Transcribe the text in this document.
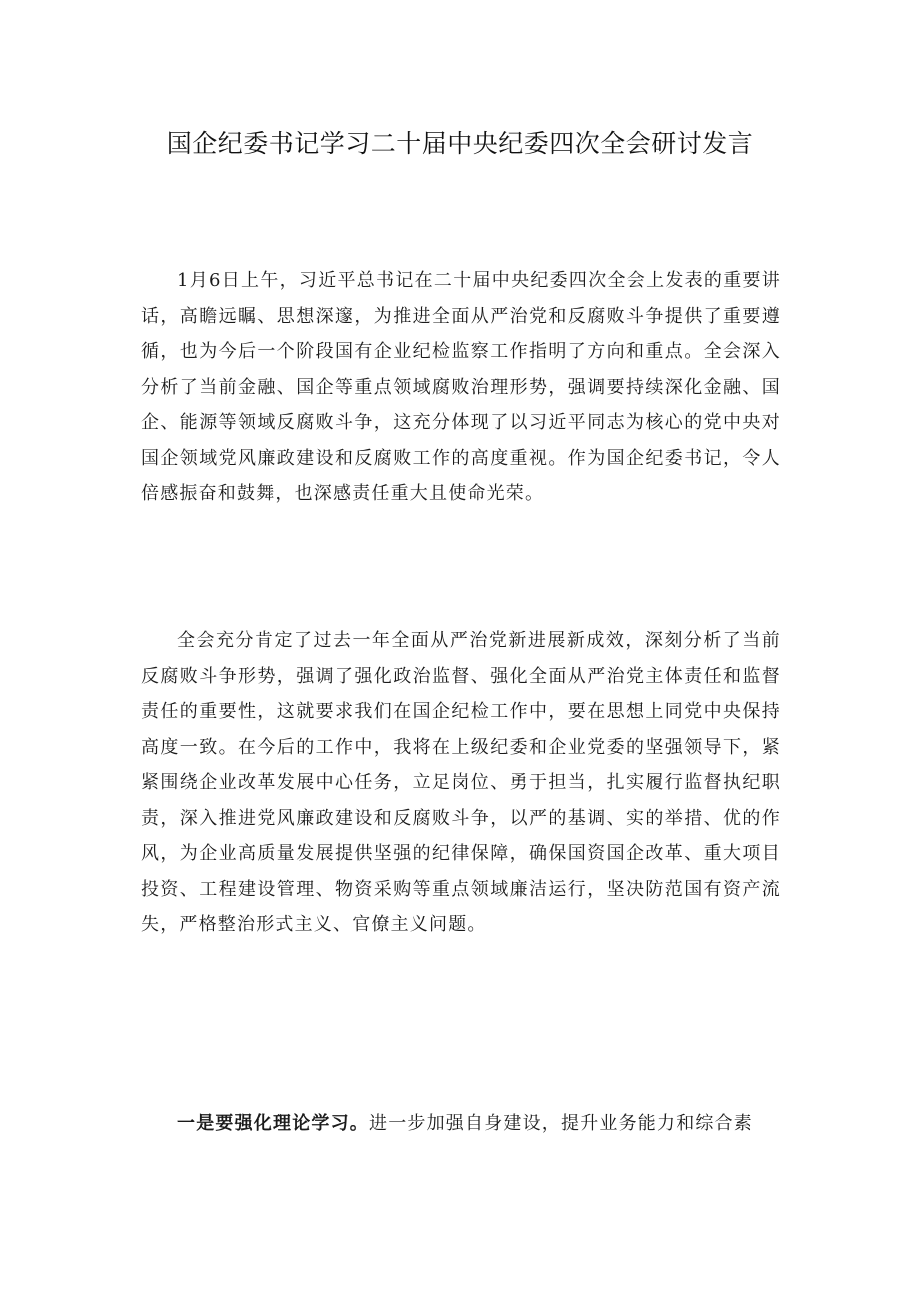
国企纪委书记学习二十届中央纪委四次全会研讨发言

1月6日上午，习近平总书记在二十届中央纪委四次全会上发表的重要讲话，高瞻远瞩、思想深邃，为推进全面从严治党和反腐败斗争提供了重要遵循，也为今后一个阶段国有企业纪检监察工作指明了方向和重点。全会深入分析了当前金融、国企等重点领域腐败治理形势，强调要持续深化金融、国企、能源等领域反腐败斗争，这充分体现了以习近平同志为核心的党中央对国企领域党风廉政建设和反腐败工作的高度重视。作为国企纪委书记，令人倍感振奋和鼓舞，也深感责任重大且使命光荣。

全会充分肯定了过去一年全面从严治党新进展新成效，深刻分析了当前反腐败斗争形势，强调了强化政治监督、强化全面从严治党主体责任和监督责任的重要性，这就要求我们在国企纪检工作中，要在思想上同党中央保持高度一致。在今后的工作中，我将在上级纪委和企业党委的坚强领导下，紧紧围绕企业改革发展中心任务，立足岗位、勇于担当，扎实履行监督执纪职责，深入推进党风廉政建设和反腐败斗争，以严的基调、实的举措、优的作风，为企业高质量发展提供坚强的纪律保障，确保国资国企改革、重大项目投资、工程建设管理、物资采购等重点领域廉洁运行，坚决防范国有资产流失，严格整治形式主义、官僚主义问题。

一是要强化理论学习。进一步加强自身建设，提升业务能力和综合素
